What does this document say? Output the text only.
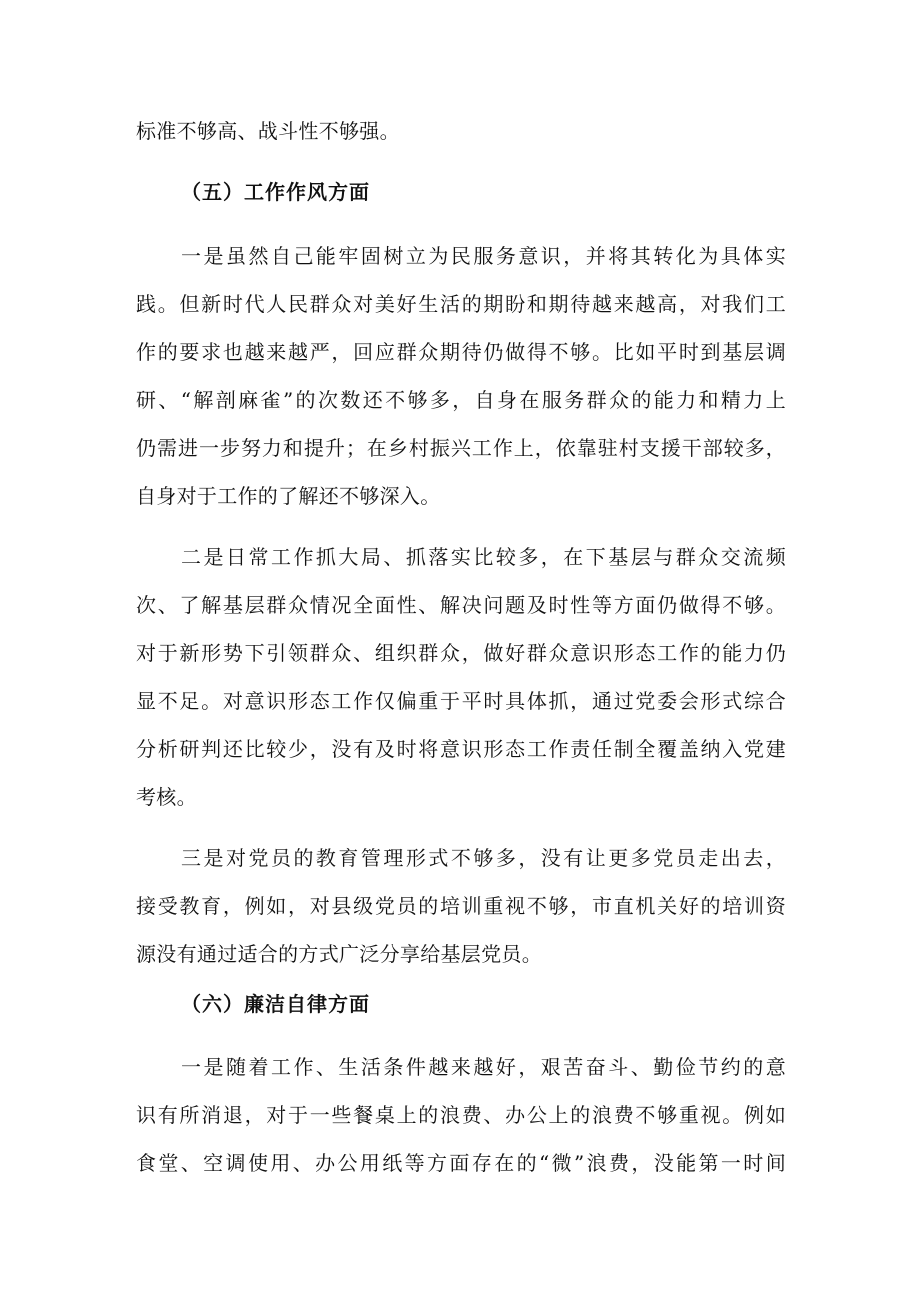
标准不够高、战斗性不够强。
（五）工作作风方面
一是虽然自己能牢固树立为民服务意识，并将其转化为具体实
践。但新时代人民群众对美好生活的期盼和期待越来越高，对我们工
作的要求也越来越严，回应群众期待仍做得不够。比如平时到基层调
研、“解剖麻雀”的次数还不够多，自身在服务群众的能力和精力上
仍需进一步努力和提升；在乡村振兴工作上，依靠驻村支援干部较多，
自身对于工作的了解还不够深入。
二是日常工作抓大局、抓落实比较多，在下基层与群众交流频
次、了解基层群众情况全面性、解决问题及时性等方面仍做得不够。
对于新形势下引领群众、组织群众，做好群众意识形态工作的能力仍
显不足。对意识形态工作仅偏重于平时具体抓，通过党委会形式综合
分析研判还比较少，没有及时将意识形态工作责任制全覆盖纳入党建
考核。
三是对党员的教育管理形式不够多，没有让更多党员走出去，
接受教育，例如，对县级党员的培训重视不够，市直机关好的培训资
源没有通过适合的方式广泛分享给基层党员。
（六）廉洁自律方面
一是随着工作、生活条件越来越好，艰苦奋斗、勤俭节约的意
识有所消退，对于一些餐桌上的浪费、办公上的浪费不够重视。例如
食堂、空调使用、办公用纸等方面存在的“微”浪费，没能第一时间
